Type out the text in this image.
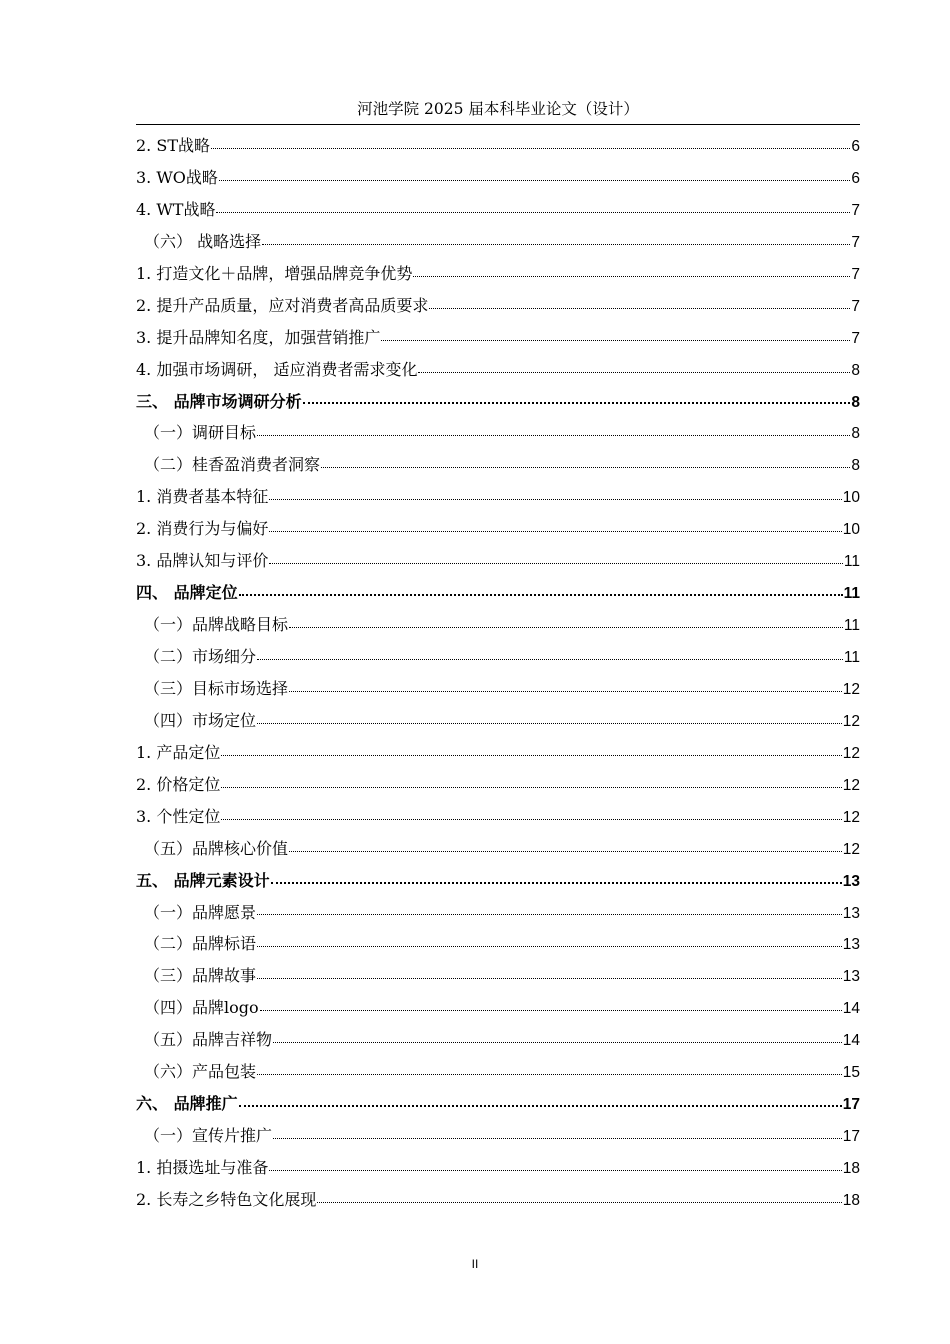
河池学院 2025 届本科毕业论文（设计）
2. ST战略	6
3. WO战略	6
4. WT战略	7
（六） 战略选择	7
1. 打造文化＋品牌，增强品牌竞争优势	7
2. 提升产品质量，应对消费者高品质要求	7
3. 提升品牌知名度，加强营销推广	7
4. 加强市场调研， 适应消费者需求变化	8
三、 品牌市场调研分析	8
（一）调研目标	8
（二）桂香盈消费者洞察	8
1. 消费者基本特征	10
2. 消费行为与偏好	10
3. 品牌认知与评价	11
四、 品牌定位	11
（一）品牌战略目标	11
（二）市场细分	11
（三）目标市场选择	12
（四）市场定位	12
1. 产品定位	12
2. 价格定位	12
3. 个性定位	12
（五）品牌核心价值	12
五、 品牌元素设计	13
（一）品牌愿景	13
（二）品牌标语	13
（三）品牌故事	13
（四）品牌logo	14
（五）品牌吉祥物	14
（六）产品包装	15
六、 品牌推广	17
（一）宣传片推广	17
1. 拍摄选址与准备	18
2. 长寿之乡特色文化展现	18
II
